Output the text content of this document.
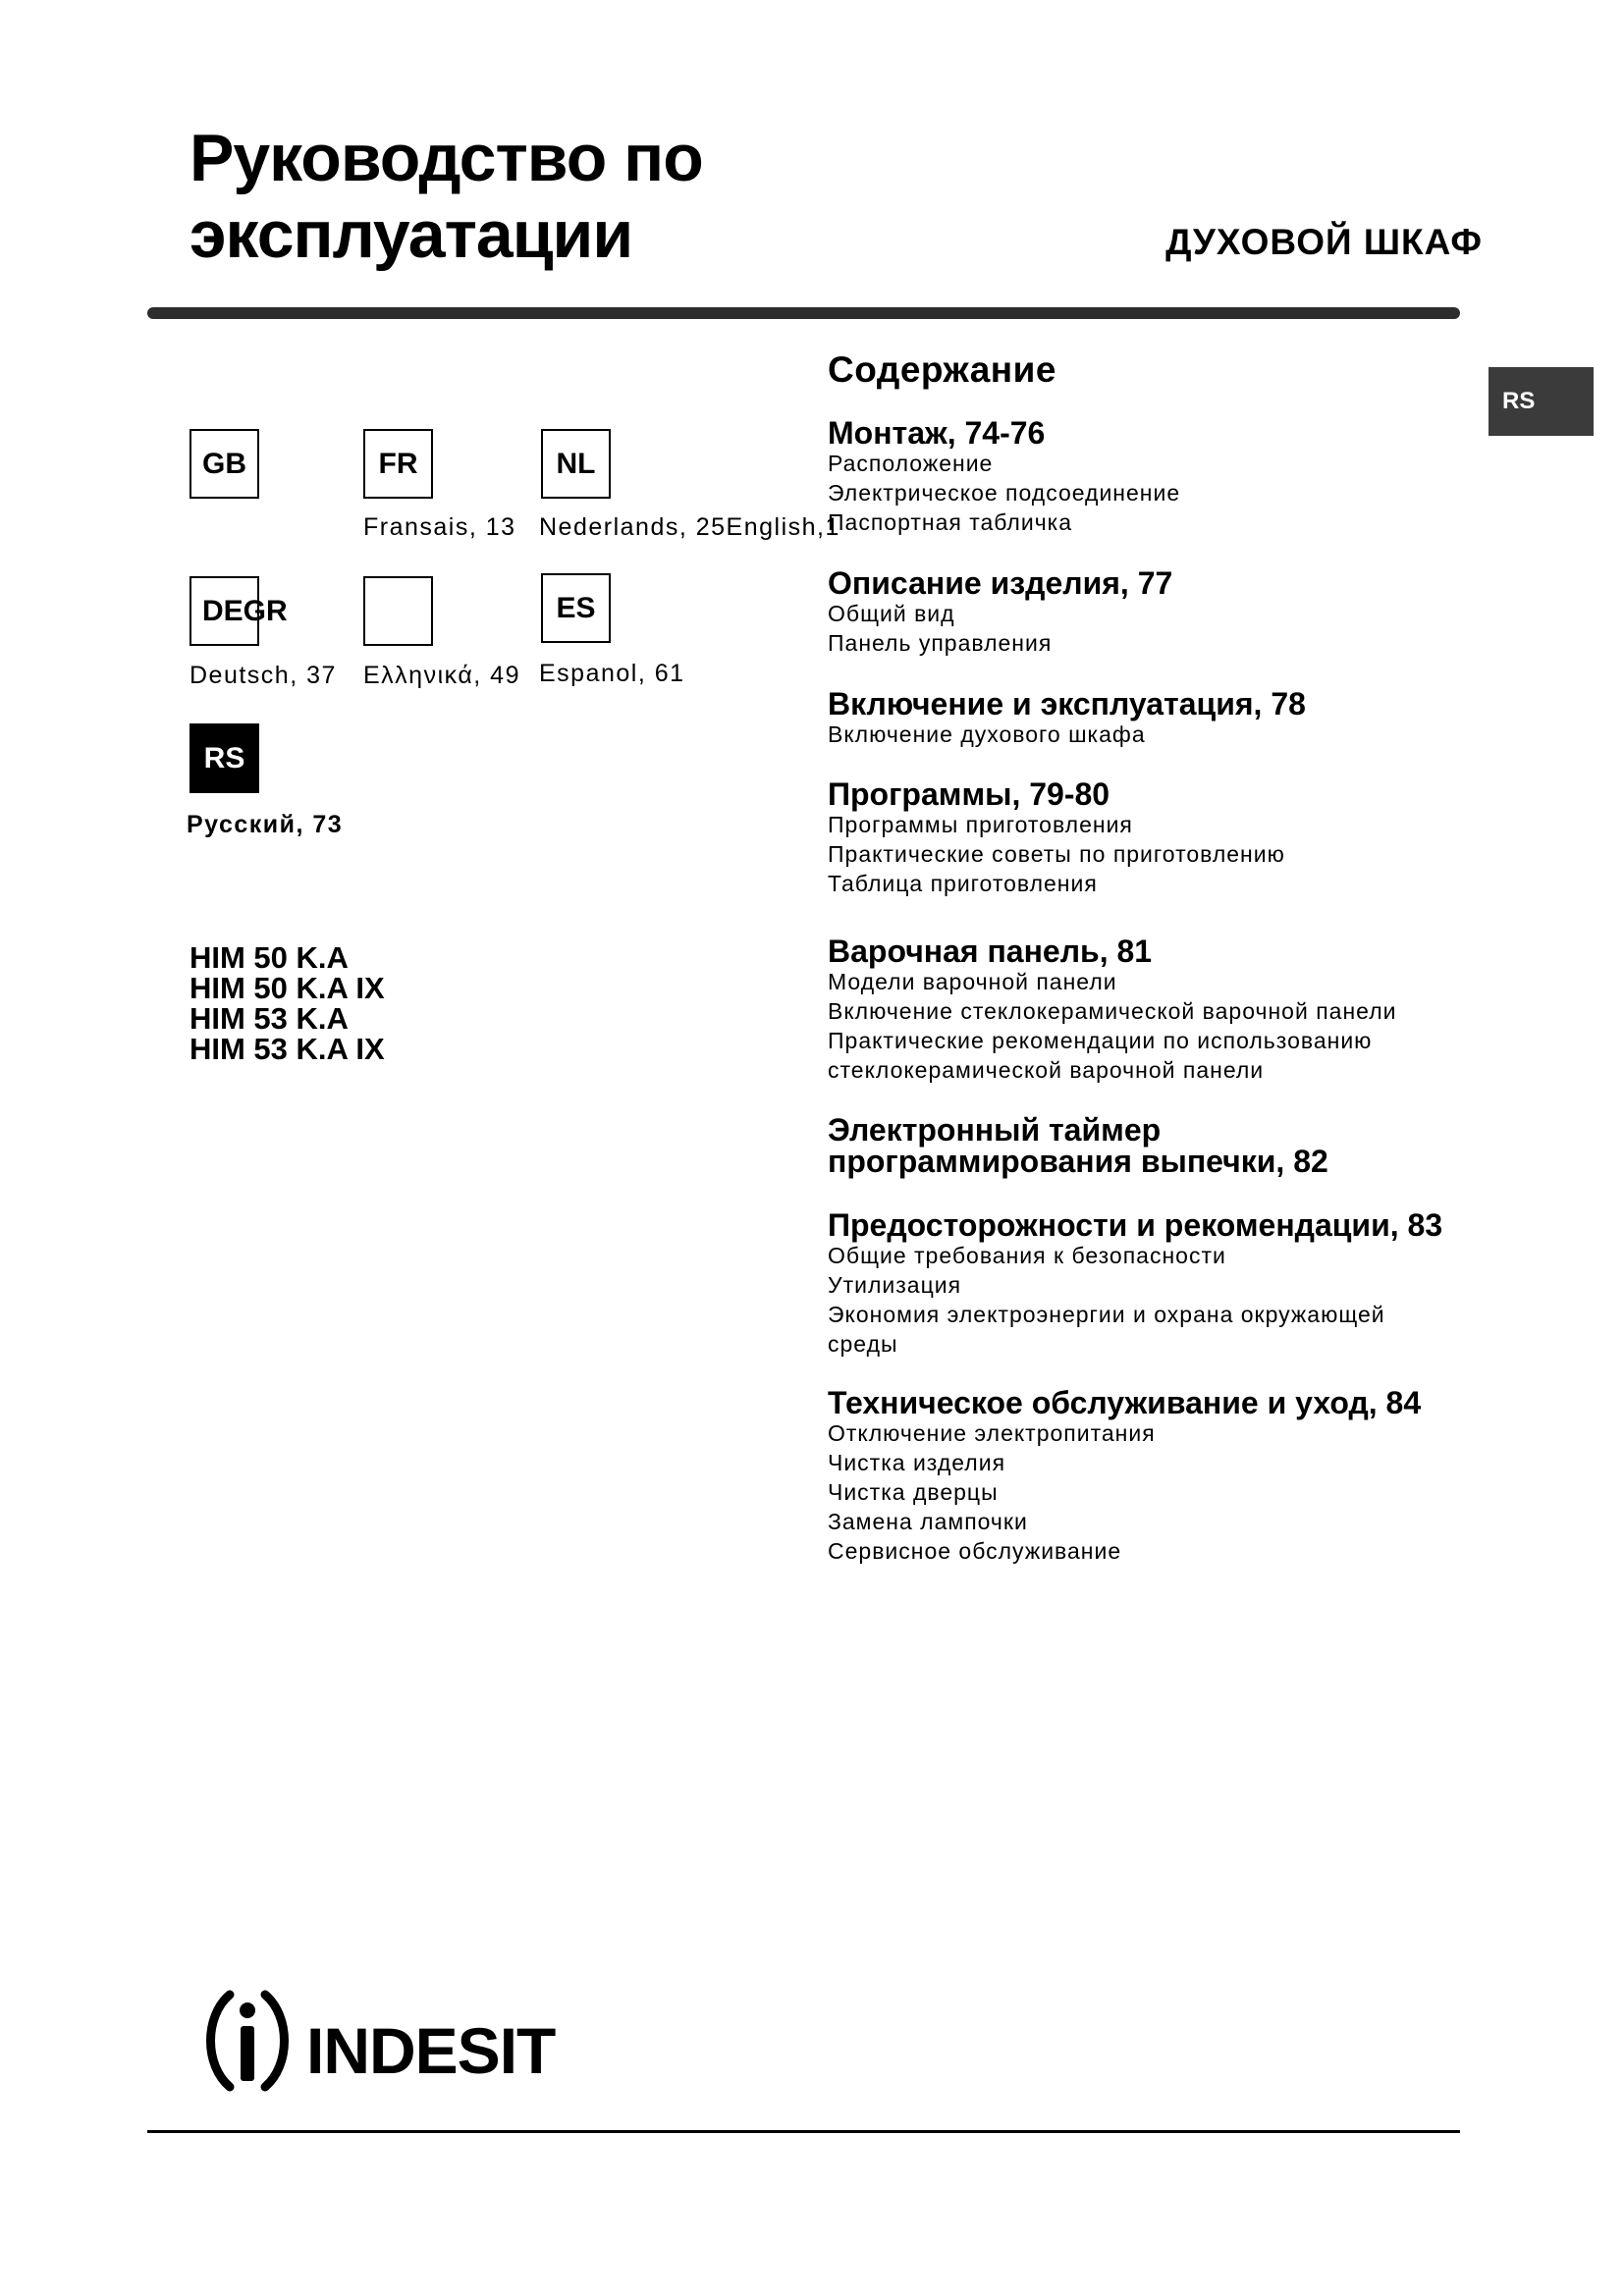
Руководство по
эксплуатации	ДУХОВОЙ ШКАФ
RS
GB	FR
Fransais, 13
NL
Nederlands, 25English,1
DEGR
Deutsch, 37 Ελληνικά, 49
ES
Espanol, 61
RS
Русский, 73
HIM 50 K.A
HIM 50 K.A IX
HIM 53 K.A
HIM 53 K.A IX
Содержание
Монтаж, 74-76
Расположение
Электрическое подсоединение
Паспортная табличка
Описание изделия, 77
Общий вид
Панель управления
Включение и эксплуатация, 78
Включение духового шкафа
Программы, 79-80
Программы приготовления
Практические советы по приготовлению
Таблица приготовления
Варочная панель, 81
Модели варочной панели
Включение стеклокерамической варочной панели
Практические рекомендации по использованию
стеклокерамической варочной панели
Электронный таймер
программирования выпечки, 82
Предосторожности и рекомендации, 83
Общие требования к безопасности
Утилизация
Экономия электроэнергии и охрана окружающей
среды
Техническое обслуживание и уход, 84
Отключение электропитания
Чистка изделия
Чистка дверцы
Замена лампочки
Сервисное обслуживание
INDESIT
